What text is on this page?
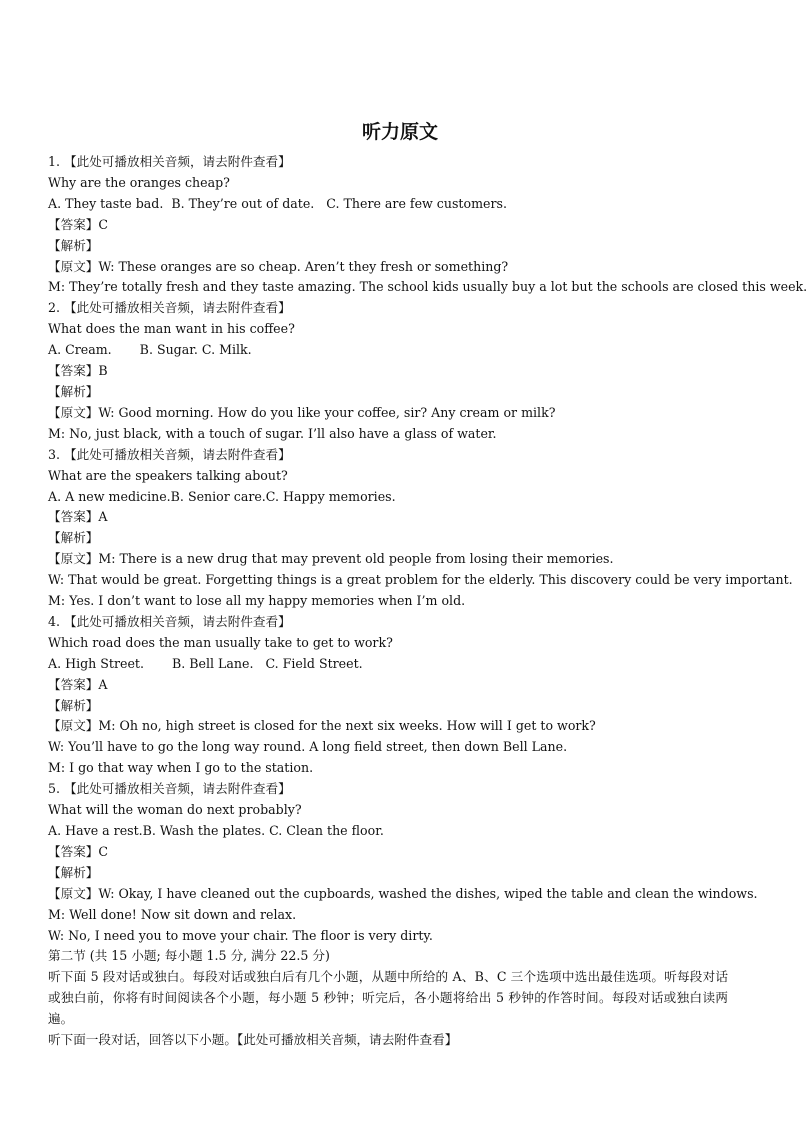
听力原文
1. 【此处可播放相关音频，请去附件查看】
Why are the oranges cheap?
A. They taste bad.  B. They’re out of date.   C. There are few customers.
【答案】C
【解析】
【原文】W: These oranges are so cheap. Aren’t they fresh or something?
M: They’re totally fresh and they taste amazing. The school kids usually buy a lot but the schools are closed this week.
2. 【此处可播放相关音频，请去附件查看】
What does the man want in his coffee?
A. Cream.       B. Sugar. C. Milk.
【答案】B
【解析】
【原文】W: Good morning. How do you like your coffee, sir? Any cream or milk?
M: No, just black, with a touch of sugar. I’ll also have a glass of water.
3. 【此处可播放相关音频，请去附件查看】
What are the speakers talking about?
A. A new medicine.B. Senior care.C. Happy memories.
【答案】A
【解析】
【原文】M: There is a new drug that may prevent old people from losing their memories.
W: That would be great. Forgetting things is a great problem for the elderly. This discovery could be very important.
M: Yes. I don’t want to lose all my happy memories when I’m old.
4. 【此处可播放相关音频，请去附件查看】
Which road does the man usually take to get to work?
A. High Street.       B. Bell Lane.   C. Field Street.
【答案】A
【解析】
【原文】M: Oh no, high street is closed for the next six weeks. How will I get to work?
W: You’ll have to go the long way round. A long field street, then down Bell Lane.
M: I go that way when I go to the station.
5. 【此处可播放相关音频，请去附件查看】
What will the woman do next probably?
A. Have a rest.B. Wash the plates. C. Clean the floor.
【答案】C
【解析】
【原文】W: Okay, I have cleaned out the cupboards, washed the dishes, wiped the table and clean the windows.
M: Well done! Now sit down and relax.
W: No, I need you to move your chair. The floor is very dirty.
第二节 (共 15 小题; 每小题 1.5 分, 满分 22.5 分)
听下面 5 段对话或独白。每段对话或独白后有几个小题，从题中所给的 A、B、C 三个选项中选出最佳选项。听每段对话或独白前，你将有时间阅读各个小题，每小题 5 秒钟；听完后，各小题将给出 5 秒钟的作答时间。每段对话或独白读两遍。
听下面一段对话，回答以下小题。【此处可播放相关音频，请去附件查看】
